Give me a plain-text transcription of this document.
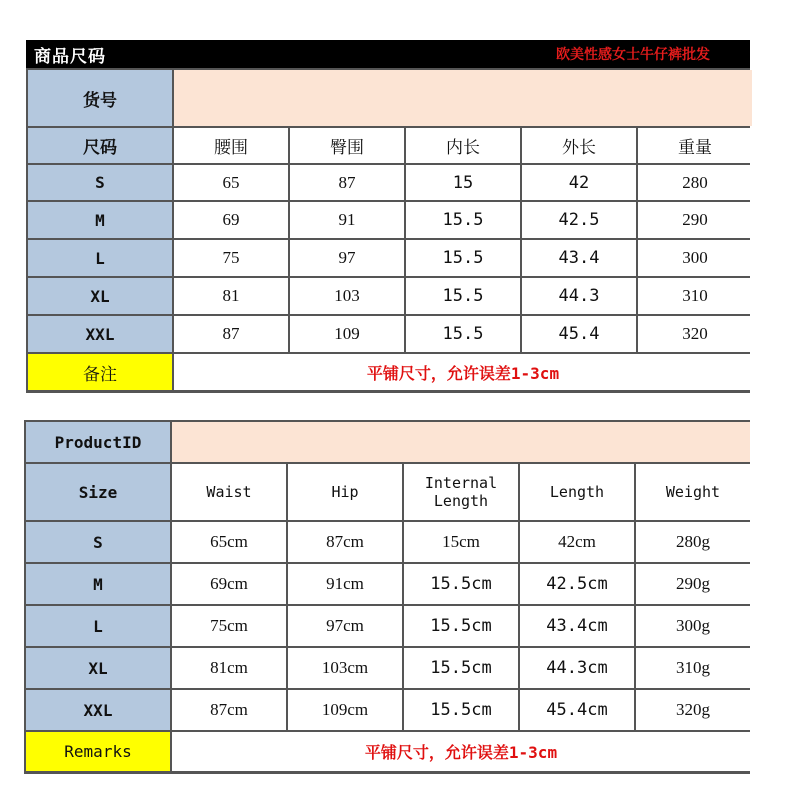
商品尺码	欧美性感女士牛仔裤批发
货号
尺码	腰围	臀围	内长	外长	重量
S	65	87	15	42	280
M	69	91	15.5	42.5	290
L	75	97	15.5	43.4	300
XL	81	103	15.5	44.3	310
XXL	87	109	15.5	45.4	320
备注	平铺尺寸，允许误差1-3cm
ProductID
Size	Waist	Hip	Internal Length	Length	Weight
S	65cm	87cm	15cm	42cm	280g
M	69cm	91cm	15.5cm	42.5cm	290g
L	75cm	97cm	15.5cm	43.4cm	300g
XL	81cm	103cm	15.5cm	44.3cm	310g
XXL	87cm	109cm	15.5cm	45.4cm	320g
Remarks	平铺尺寸，允许误差1-3cm
